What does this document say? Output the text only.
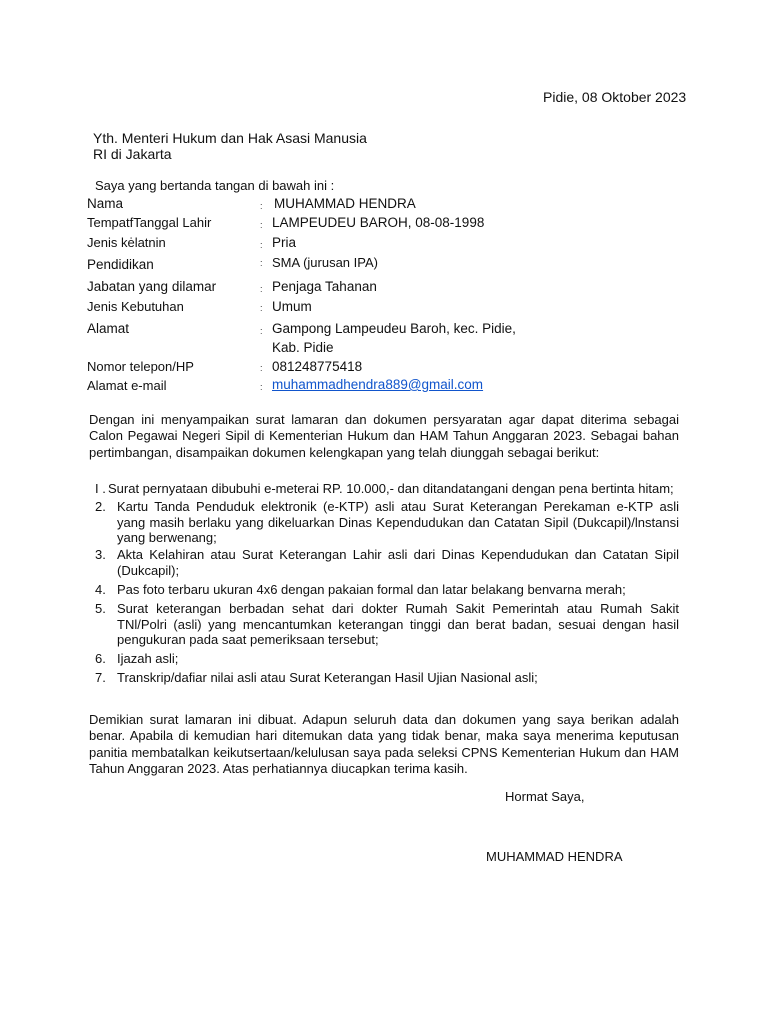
Pidie, 08 Oktober 2023
Yth. Menteri Hukum dan Hak Asasi Manusia
RI di Jakarta
Saya yang bertanda tangan di bawah ini :
Nama	: MUHAMMAD HENDRA
TempatfTanggal Lahir	: LAMPEUDEU BAROH, 08-08-1998
Jenis kėlatnin	: Pria
Pendidikan	: SMA (jurusan IPA)
Jabatan yang dilamar	: Penjaga Tahanan
Jenis Kebutuhan	: Umum
Alamat	: Gampong Lampeudeu Baroh, kec. Pidie,
Kab. Pidie
Nomor telepon/HP	: 081248775418
Alamat e-mail	: muhammadhendra889@gmail.com
Dengan ini menyampaikan surat lamaran dan dokumen persyaratan agar dapat diterima sebagai Calon Pegawai Negeri Sipil di Kementerian Hukum dan HAM Tahun Anggaran 2023. Sebagai bahan pertimbangan, disampaikan dokumen kelengkapan yang telah diunggah sebagai berikut:
I . Surat pernyataan dibubuhi e-meterai RP. 10.000,- dan ditandatangani dengan pena bertinta hitam;
2. Kartu Tanda Penduduk elektronik (e-KTP) asli atau Surat Keterangan Perekaman e-KTP asli yang masih berlaku yang dikeluarkan Dinas Kependudukan dan Catatan Sipil (Dukcapil)/lnstansi yang berwenang;
3. Akta Kelahiran atau Surat Keterangan Lahir asli dari Dinas Kependudukan dan Catatan Sipil (Dukcapil);
4. Pas foto terbaru ukuran 4x6 dengan pakaian formal dan latar belakang benvarna merah;
5. Surat keterangan berbadan sehat dari dokter Rumah Sakit Pemerintah atau Rumah Sakit TNl/Polri (asli) yang mencantumkan keterangan tinggi dan berat badan, sesuai dengan hasil pengukuran pada saat pemeriksaan tersebut;
6. Ijazah asli;
7. Transkrip/dafiar nilai asli atau Surat Keterangan Hasil Ujian Nasional asli;
Demikian surat lamaran ini dibuat. Adapun seluruh data dan dokumen yang saya berikan adalah benar. Apabila di kemudian hari ditemukan data yang tidak benar, maka saya menerima keputusan panitia membatalkan keikutsertaan/kelulusan saya pada seleksi CPNS Kementerian Hukum dan HAM Tahun Anggaran 2023. Atas perhatiannya diucapkan terima kasih.
Hormat Saya,
MUHAMMAD HENDRA
